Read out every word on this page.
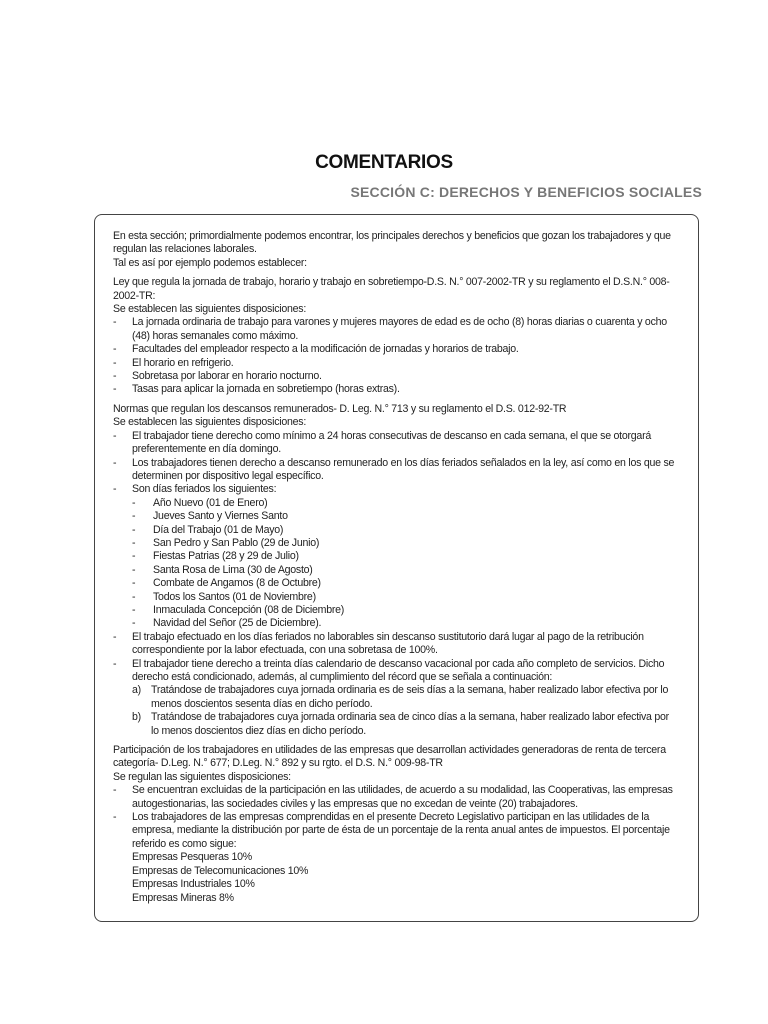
COMENTARIOS
SECCIÓN C: DERECHOS Y BENEFICIOS SOCIALES

En esta sección; primordialmente podemos encontrar, los principales derechos y beneficios que gozan los trabajadores y que regulan las relaciones laborales.

Tal es así por ejemplo podemos establecer:

Ley que regula la jornada de trabajo, horario y trabajo en sobretiempo-D.S. N.° 007-2002-TR y su reglamento el D.S.N.° 008-2002-TR:

Se establecen las siguientes disposiciones:

- La jornada ordinaria de trabajo para varones y mujeres mayores de edad es de ocho (8) horas diarias o cuarenta y ocho (48) horas semanales como máximo.
- Facultades del empleador respecto a la modificación de jornadas y horarios de trabajo.
- El horario en refrigerio.
- Sobretasa por laborar en horario nocturno.
- Tasas para aplicar la jornada en sobretiempo (horas extras).

Normas que regulan los descansos remunerados- D. Leg. N.° 713 y su reglamento el D.S. 012-92-TR

Se establecen las siguientes disposiciones:

- El trabajador tiene derecho como mínimo a 24 horas consecutivas de descanso en cada semana, el que se otorgará preferentemente en día domingo.
- Los trabajadores tienen derecho a descanso remunerado en los días feriados señalados en la ley, así como en los que se determinen por dispositivo legal específico.
- Son días feriados los siguientes:
- Año Nuevo (01 de Enero)
- Jueves Santo y Viernes Santo
- Día del Trabajo (01 de Mayo)
- San Pedro y San Pablo (29 de Junio)
- Fiestas Patrias (28 y 29 de Julio)
- Santa Rosa de Lima (30 de Agosto)
- Combate de Angamos (8 de Octubre)
- Todos los Santos (01 de Noviembre)
- Inmaculada Concepción (08 de Diciembre)
- Navidad del Señor (25 de Diciembre).
- El trabajo efectuado en los días feriados no laborables sin descanso sustitutorio dará lugar al pago de la retribución correspondiente por la labor efectuada, con una sobretasa de 100%.
- El trabajador tiene derecho a treinta días calendario de descanso vacacional por cada año completo de servicios. Dicho derecho está condicionado, además, al cumplimiento del récord que se señala a continuación:
a) Tratándose de trabajadores cuya jornada ordinaria es de seis días a la semana, haber realizado labor efectiva por lo menos doscientos sesenta días en dicho período.
b) Tratándose de trabajadores cuya jornada ordinaria sea de cinco días a la semana, haber realizado labor efectiva por lo menos doscientos diez días en dicho período.

Participación de los trabajadores en utilidades de las empresas que desarrollan actividades generadoras de renta de tercera categoría- D.Leg. N.° 677; D.Leg. N.° 892 y su rgto. el D.S. N.° 009-98-TR

Se regulan las siguientes disposiciones:

- Se encuentran excluidas de la participación en las utilidades, de acuerdo a su modalidad, las Cooperativas, las empresas autogestionarias, las sociedades civiles y las empresas que no excedan de veinte (20) trabajadores.
- Los trabajadores de las empresas comprendidas en el presente Decreto Legislativo participan en las utilidades de la empresa, mediante la distribución por parte de ésta de un porcentaje de la renta anual antes de impuestos. El porcentaje referido es como sigue:
Empresas Pesqueras 10%
Empresas de Telecomunicaciones 10%
Empresas Industriales 10%
Empresas Mineras 8%
